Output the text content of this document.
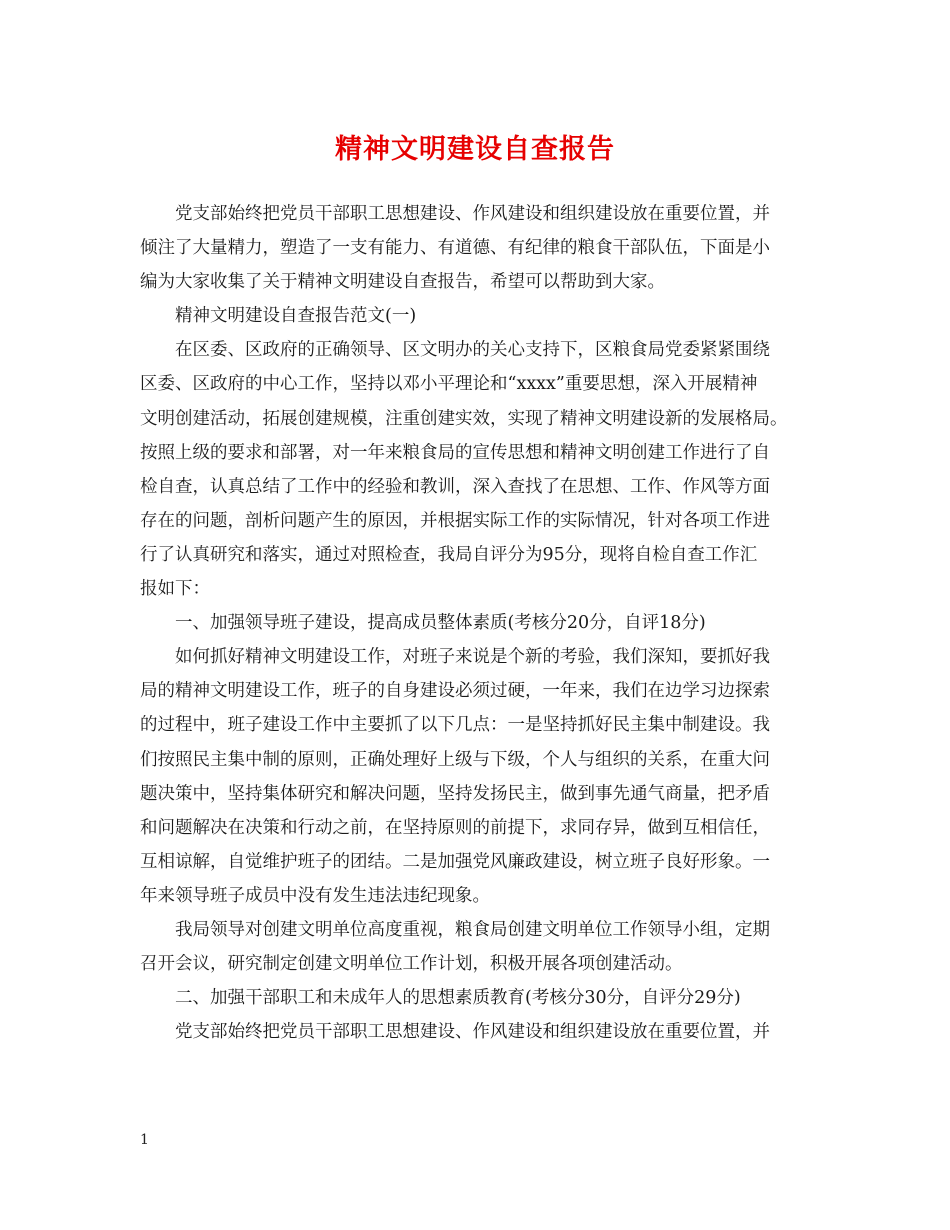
精神文明建设自查报告
党支部始终把党员干部职工思想建设、作风建设和组织建设放在重要位置，并
倾注了大量精力，塑造了一支有能力、有道德、有纪律的粮食干部队伍，下面是小
编为大家收集了关于精神文明建设自查报告，希望可以帮助到大家。
精神文明建设自查报告范文(一)
在区委、区政府的正确领导、区文明办的关心支持下，区粮食局党委紧紧围绕
区委、区政府的中心工作，坚持以邓小平理论和“xxxx”重要思想，深入开展精神
文明创建活动，拓展创建规模，注重创建实效，实现了精神文明建设新的发展格局。
按照上级的要求和部署，对一年来粮食局的宣传思想和精神文明创建工作进行了自
检自查，认真总结了工作中的经验和教训，深入查找了在思想、工作、作风等方面
存在的问题，剖析问题产生的原因，并根据实际工作的实际情况，针对各项工作进
行了认真研究和落实，通过对照检查，我局自评分为95分，现将自检自查工作汇
报如下：
一、加强领导班子建设，提高成员整体素质(考核分20分，自评18分)
如何抓好精神文明建设工作，对班子来说是个新的考验，我们深知，要抓好我
局的精神文明建设工作，班子的自身建设必须过硬，一年来，我们在边学习边探索
的过程中，班子建设工作中主要抓了以下几点：一是坚持抓好民主集中制建设。我
们按照民主集中制的原则，正确处理好上级与下级，个人与组织的关系，在重大问
题决策中，坚持集体研究和解决问题，坚持发扬民主，做到事先通气商量，把矛盾
和问题解决在决策和行动之前，在坚持原则的前提下，求同存异，做到互相信任，
互相谅解，自觉维护班子的团结。二是加强党风廉政建设，树立班子良好形象。一
年来领导班子成员中没有发生违法违纪现象。
我局领导对创建文明单位高度重视，粮食局创建文明单位工作领导小组，定期
召开会议，研究制定创建文明单位工作计划，积极开展各项创建活动。
二、加强干部职工和未成年人的思想素质教育(考核分30分，自评分29分)
党支部始终把党员干部职工思想建设、作风建设和组织建设放在重要位置，并
1
